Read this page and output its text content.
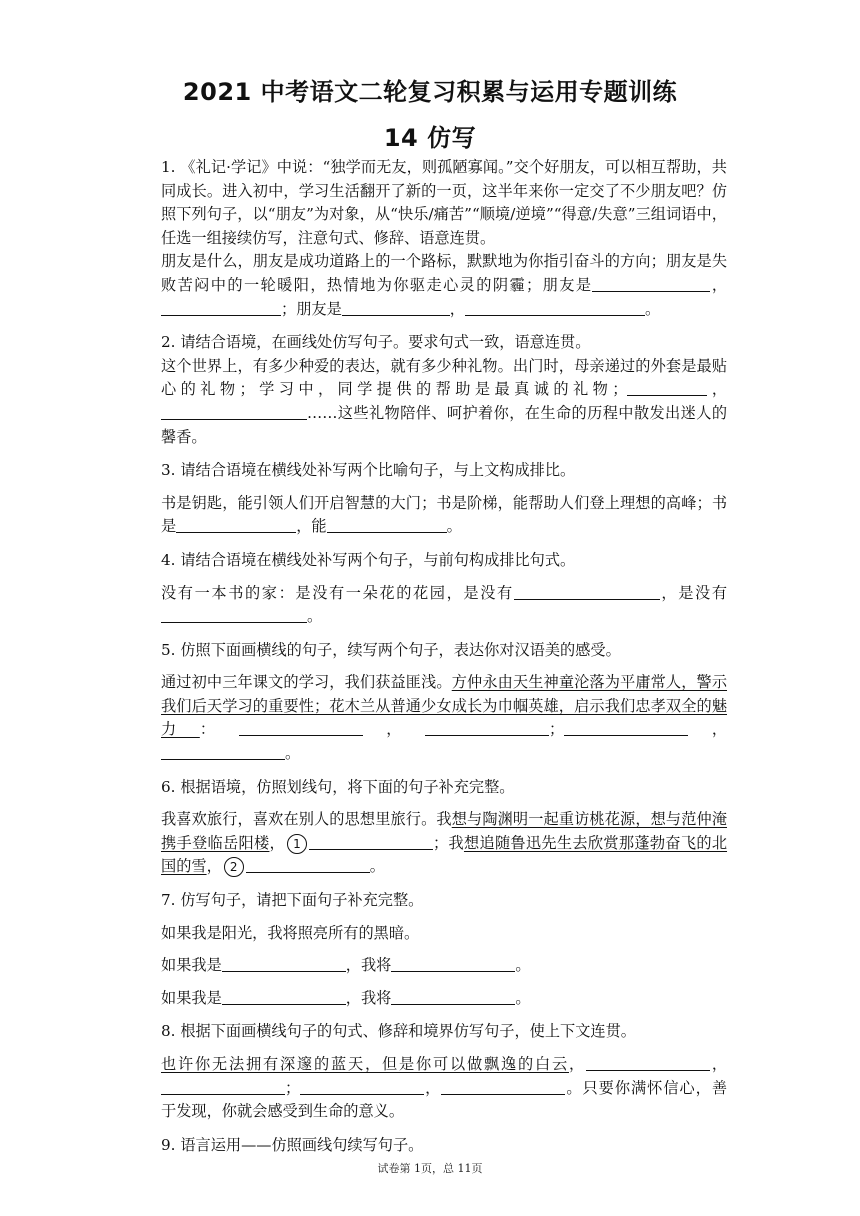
2021 中考语文二轮复习积累与运用专题训练
14 仿写

1. 《礼记·学记》中说：“独学而无友，则孤陋寡闻。”交个好朋友，可以相互帮助，共同成长。进入初中，学习生活翻开了新的一页，这半年来你一定交了不少朋友吧？仿照下列句子，以“朋友”为对象，从“快乐/痛苦”“顺境/逆境”“得意/失意”三组词语中，任选一组接续仿写，注意句式、修辞、语意连贯。

朋友是什么，朋友是成功道路上的一个路标，默默地为你指引奋斗的方向；朋友是失败苦闷中的一轮暖阳，热情地为你驱走心灵的阴霾；朋友是	，；朋友是	，	。

2. 请结合语境，在画线处仿写句子。要求句式一致，语意连贯。

这个世界上，有多少种爱的表达，就有多少种礼物。出门时，母亲递过的外套是最贴心的礼物；学习中，同学提供的帮助是最真诚的礼物；	，……这些礼物陪伴、呵护着你，在生命的历程中散发出迷人的馨香。

3. 请结合语境在横线处补写两个比喻句子，与上文构成排比。

书是钥匙，能引领人们开启智慧的大门；书是阶梯，能帮助人们登上理想的高峰；书是	，能	。

4. 请结合语境在横线处补写两个句子，与前句构成排比句式。

没有一本书的家：是没有一朵花的花园，是没有	，是没有。

5. 仿照下面画横线的句子，续写两个句子，表达你对汉语美的感受。

通过初中三年课文的学习，我们获益匪浅。方仲永由天生神童沦落为平庸常人，警示我们后天学习的重要性；花木兰从普通少女成长为巾帼英雄，启示我们忠孝双全的魅力：	，	；	，。

6. 根据语境，仿照划线句，将下面的句子补充完整。

我喜欢旅行，喜欢在别人的思想里旅行。我想与陶渊明一起重访桃花源，想与范仲淹携手登临岳阳楼， 1	；我想追随鲁迅先生去欣赏那蓬勃奋飞的北国的雪， 2	。

7. 仿写句子，请把下面句子补充完整。

如果我是阳光，我将照亮所有的黑暗。

如果我是	，我将	。

如果我是	，我将	。

8. 根据下面画横线句子的句式、修辞和境界仿写句子，使上下文连贯。

也许你无法拥有深邃的蓝天，但是你可以做飘逸的白云，	，；	，	。只要你满怀信心，善于发现，你就会感受到生命的意义。

9. 语言运用——仿照画线句续写句子。

试卷第 1页，总 11页
